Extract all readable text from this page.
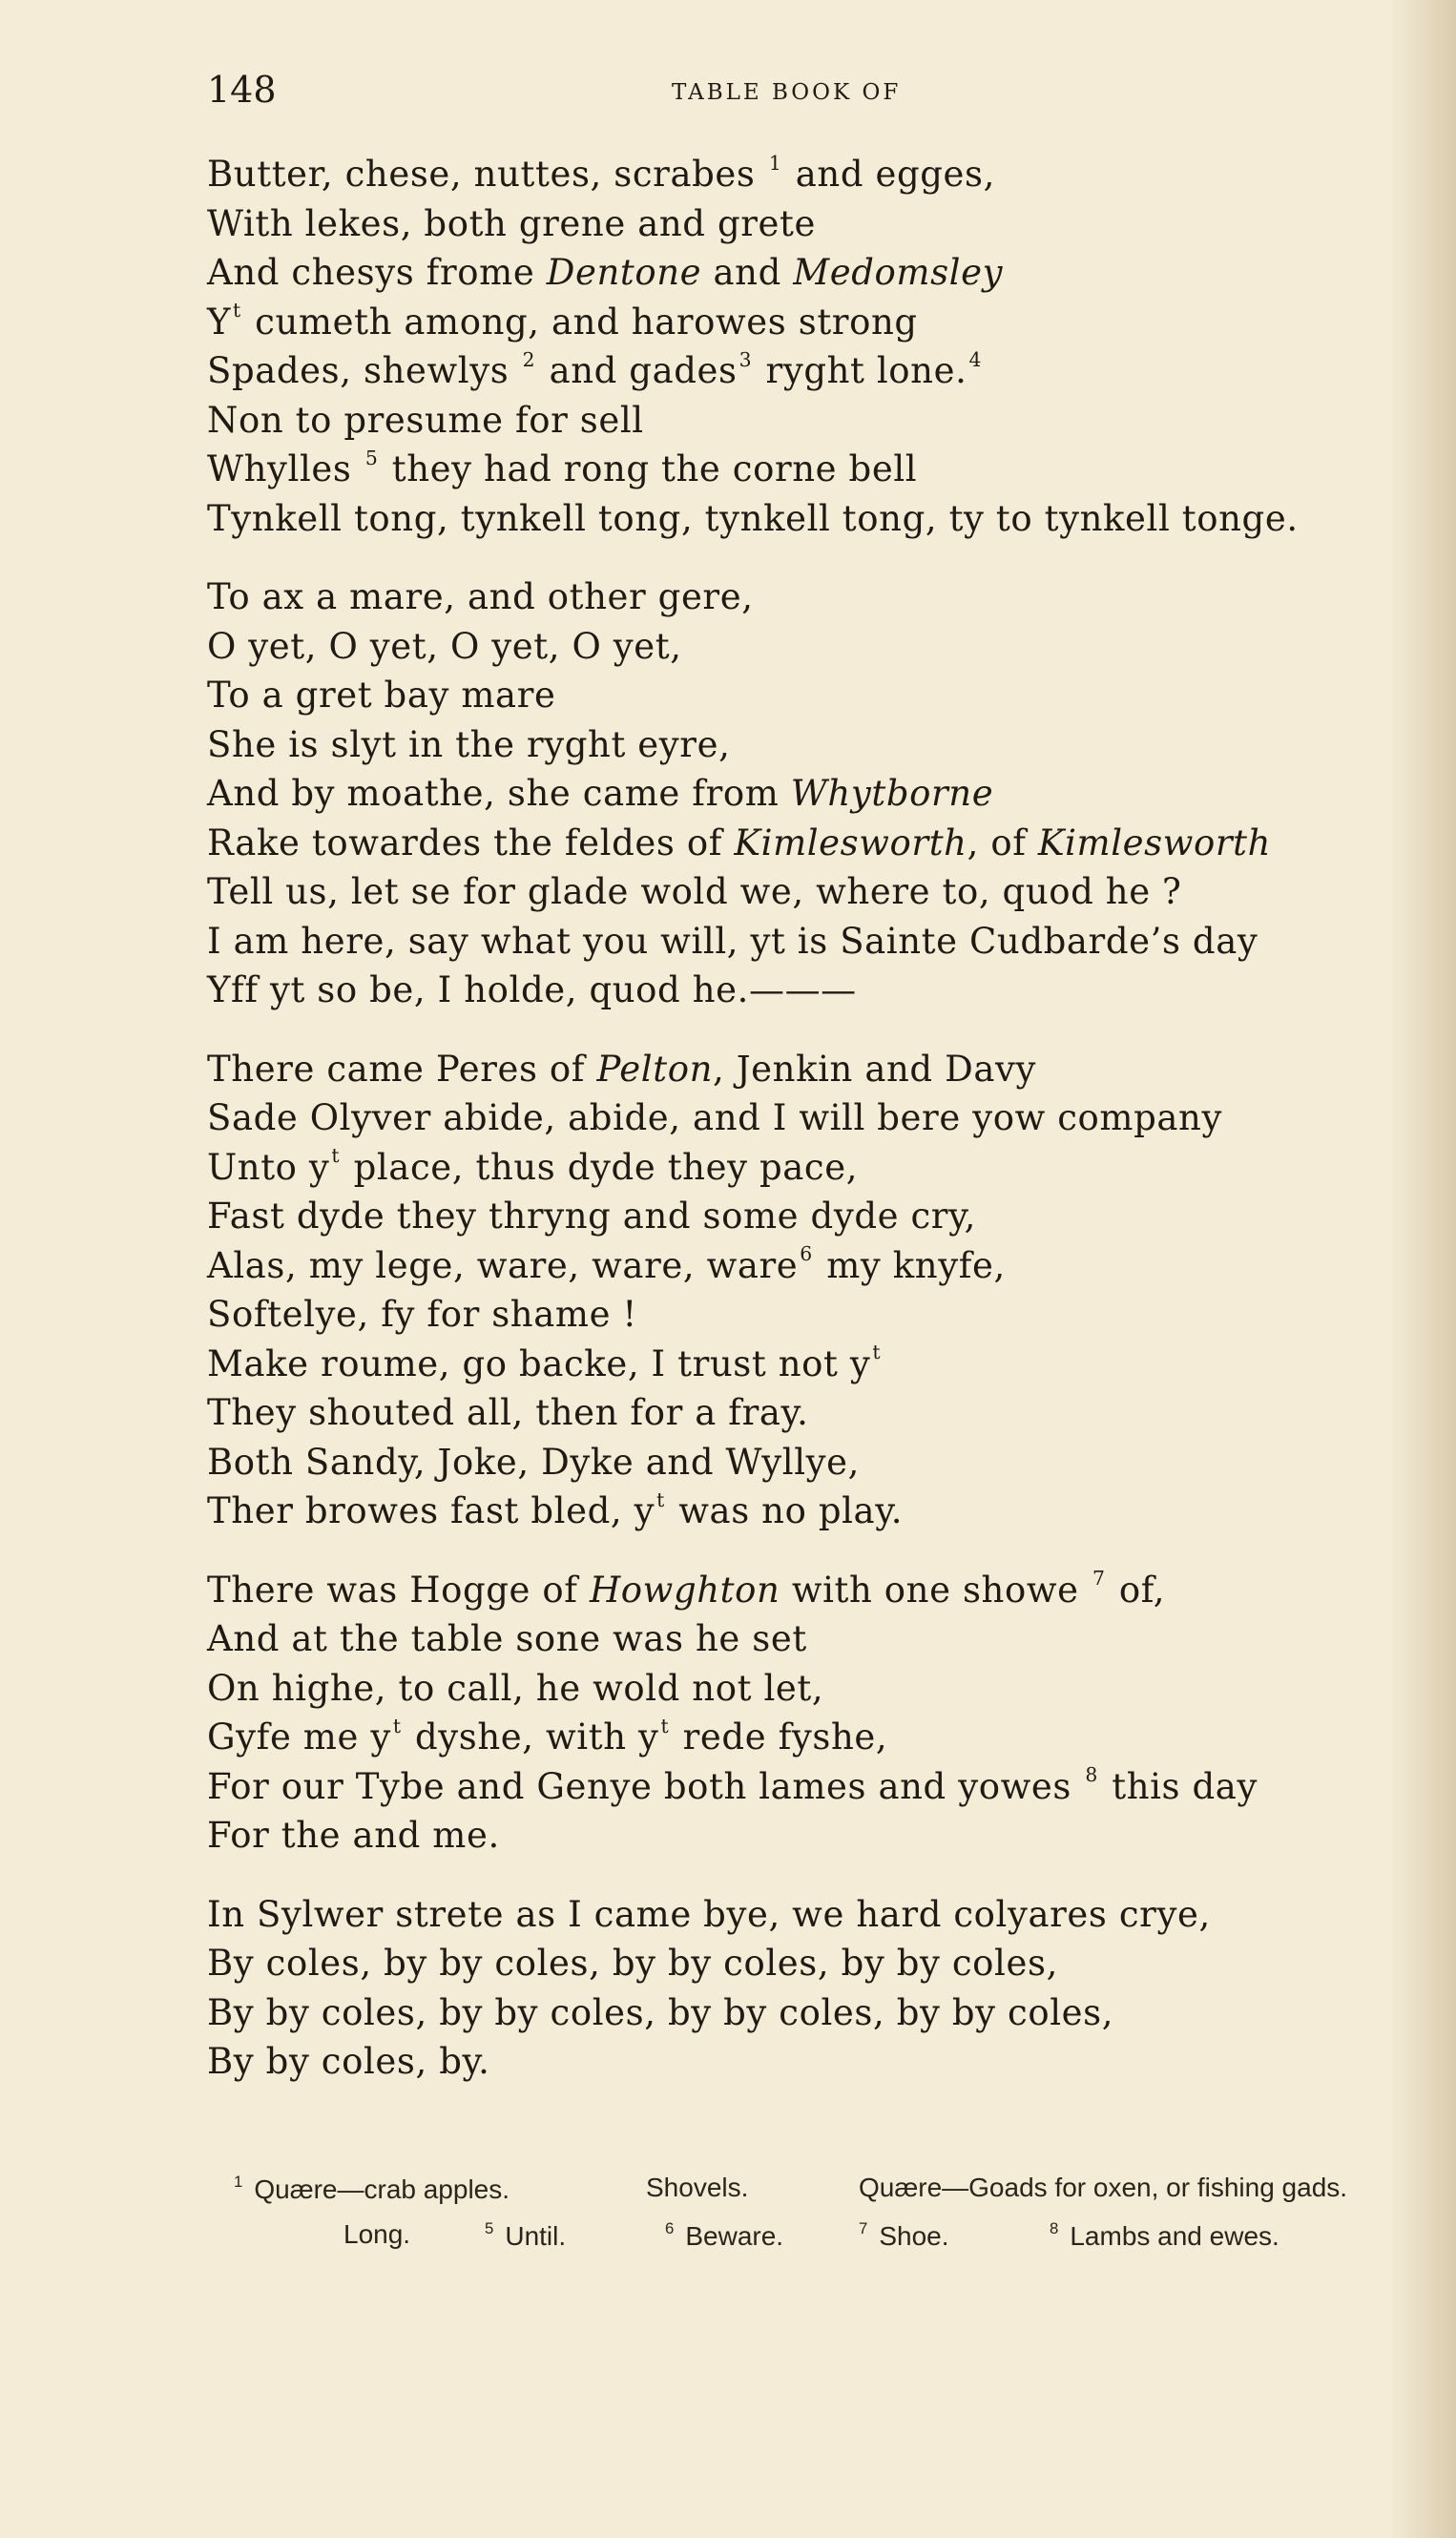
148	TABLE BOOK OF
Butter, chese, nuttes, scrabes $^1$ and egges,
With lekes, both grene and grete
And chesys frome Dentone and Medomsley
$Y^t$ cumeth among, and harowes strong
Spades, shewlys $^2$ and gades$^3$ ryght lone.$^4$
Non to presume for sell
Whylles $^5$ they had rong the corne bell
Tynkell tong, tynkell tong, tynkell tong, ty to tynkell tonge.
To ax a mare, and other gere,
O yet, O yet, O yet, O yet,
To a gret bay mare
She is slyt in the ryght eyre,
And by moathe, she came from Whytborne
Rake towardes the feldes of Kimlesworth, of Kimlesworth
Tell us, let se for glade wold we, where to, quod he ?
I am here, say what you will, yt is Sainte Cudbarde’s day
Yff yt so be, I holde, quod he.———
There came Peres of Pelton, Jenkin and Davy
Sade Olyver abide, abide, and I will bere yow company
Unto $y^t$ place, thus dyde they pace,
Fast dyde they thryng and some dyde cry,
Alas, my lege, ware, ware, ware$^6$ my knyfe,
Softelye, fy for shame !
Make roume, go backe, I trust not $y^t$
They shouted all, then for a fray.
Both Sandy, Joke, Dyke and Wyllye,
Ther browes fast bled, $y^t$ was no play.
There was Hogge of Howghton with one showe $^7$ of,
And at the table sone was he set
On highe, to call, he wold not let,
Gyfe me $y^t$ dyshe, with $y^t$ rede fyshe,
For our Tybe and Genye both lames and yowes $^8$ this day
For the and me.
In Sylwer strete as I came bye, we hard colyares crye,
By coles, by by coles, by by coles, by by coles,
By by coles, by by coles, by by coles, by by coles,
By by coles, by.
$^1$ Quære—crab apples.	Shovels.	Quære—Goads for oxen, or fishing gads.
Long.	$^5$ Until.	$^6$ Beware.	$^7$ Shoe.	$^8$ Lambs and ewes.
